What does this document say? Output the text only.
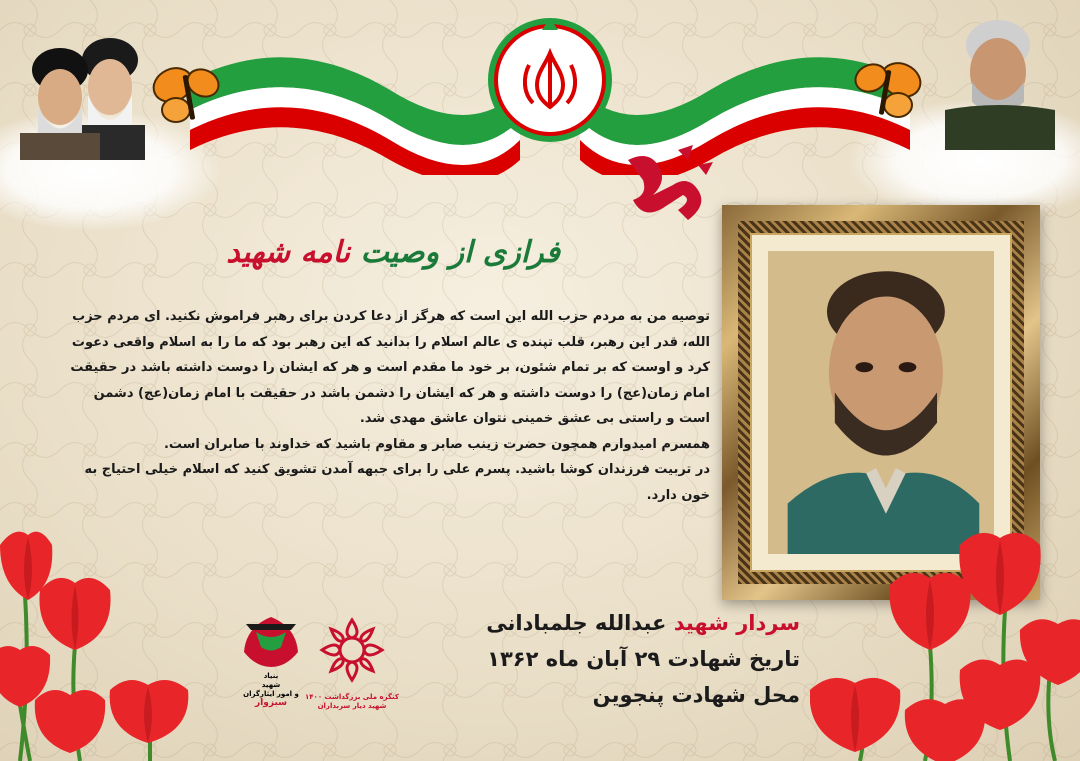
فرازی از وصیت نامه شهید

توصیه من به مردم حزب الله این است که هرگز از دعا کردن برای رهبر فراموش نکنید. ای مردم حزب الله، قدر این رهبر، قلب تپنده ی عالم اسلام را بدانید که این رهبر بود که ما را به اسلام واقعی دعوت کرد و اوست که بر تمام شئون، بر خود ما مقدم است و هر که ایشان را دوست داشته باشد در حقیقت امام زمان(عج) را دوست داشته و هر که ایشان را دشمن باشد در حقیقت با امام زمان(عج) دشمن است و راستی بی عشق خمینی نتوان عاشق مهدی شد.

همسرم امیدوارم همچون حضرت زینب صابر و مقاوم باشید که خداوند با صابران است.

در تربیت فرزندان کوشا باشید. پسرم علی را برای جبهه آمدن تشویق کنید که اسلام خیلی احتیاج به خون دارد.

سردار شهید عبدالله جلمبادانی
تاریخ شهادت ۲۹ آبان ماه ۱۳۶۲
محل شهادت پنجوین
بنیاد
شهید
و امور ایثارگران
سبزوار
کنگره ملی بزرگداشت ۱۴۰۰
شهید دیار سربداران
